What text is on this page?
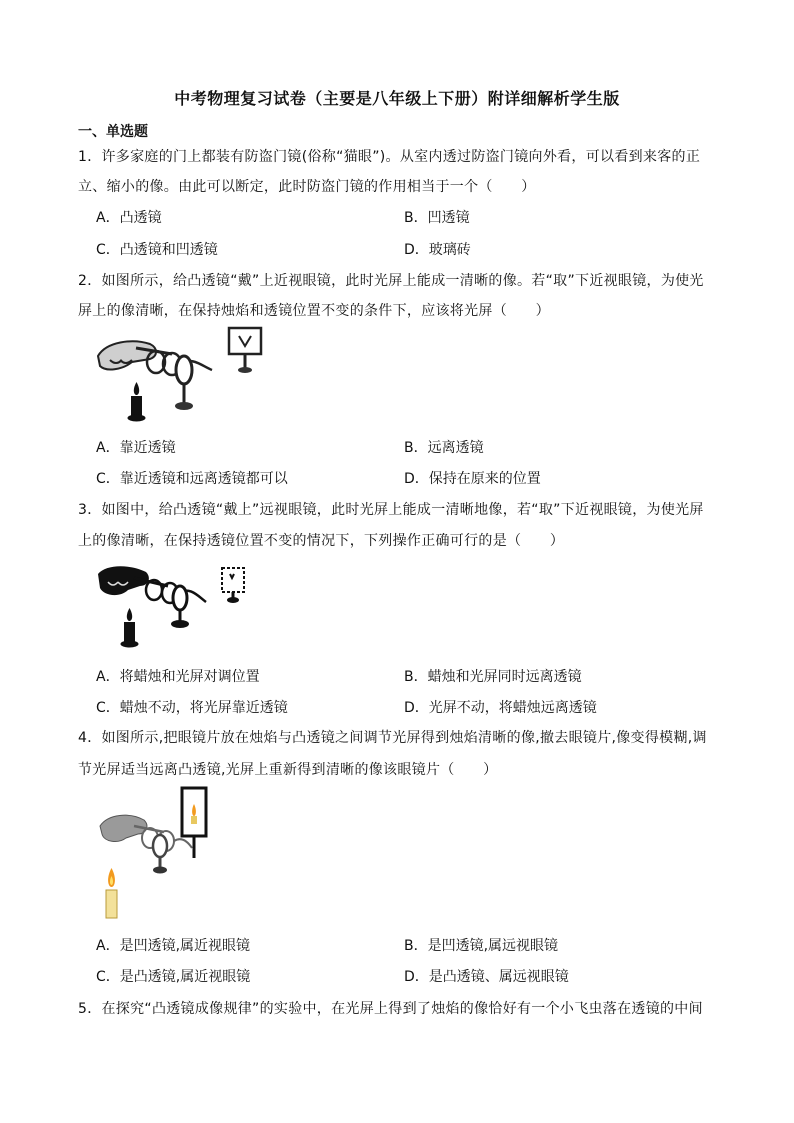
中考物理复习试卷（主要是八年级上下册）附详细解析学生版
一、单选题
1．许多家庭的门上都装有防盗门镜(俗称“猫眼”)。从室内透过防盗门镜向外看，可以看到来客的正
立、缩小的像。由此可以断定，此时防盗门镜的作用相当于一个（　　）
A．凸透镜	B．凹透镜
C．凸透镜和凹透镜	D．玻璃砖
2．如图所示，给凸透镜“戴”上近视眼镜，此时光屏上能成一清晰的像。若“取”下近视眼镜，为使光
屏上的像清晰，在保持烛焰和透镜位置不变的条件下，应该将光屏（　　）
A．靠近透镜	B．远离透镜
C．靠近透镜和远离透镜都可以	D．保持在原来的位置
3．如图中，给凸透镜“戴上”远视眼镜，此时光屏上能成一清晰地像，若“取”下近视眼镜，为使光屏
上的像清晰，在保持透镜位置不变的情况下，下列操作正确可行的是（　　）
A．将蜡烛和光屏对调位置	B．蜡烛和光屏同时远离透镜
C．蜡烛不动，将光屏靠近透镜	D．光屏不动，将蜡烛远离透镜
4．如图所示,把眼镜片放在烛焰与凸透镜之间调节光屏得到烛焰清晰的像,撤去眼镜片,像变得模糊,调
节光屏适当远离凸透镜,光屏上重新得到清晰的像该眼镜片（　　）
A．是凹透镜,属近视眼镜	B．是凹透镜,属远视眼镜
C．是凸透镜,属近视眼镜	D．是凸透镜、属远视眼镜
5．在探究“凸透镜成像规律”的实验中，在光屏上得到了烛焰的像恰好有一个小飞虫落在透镜的中间
